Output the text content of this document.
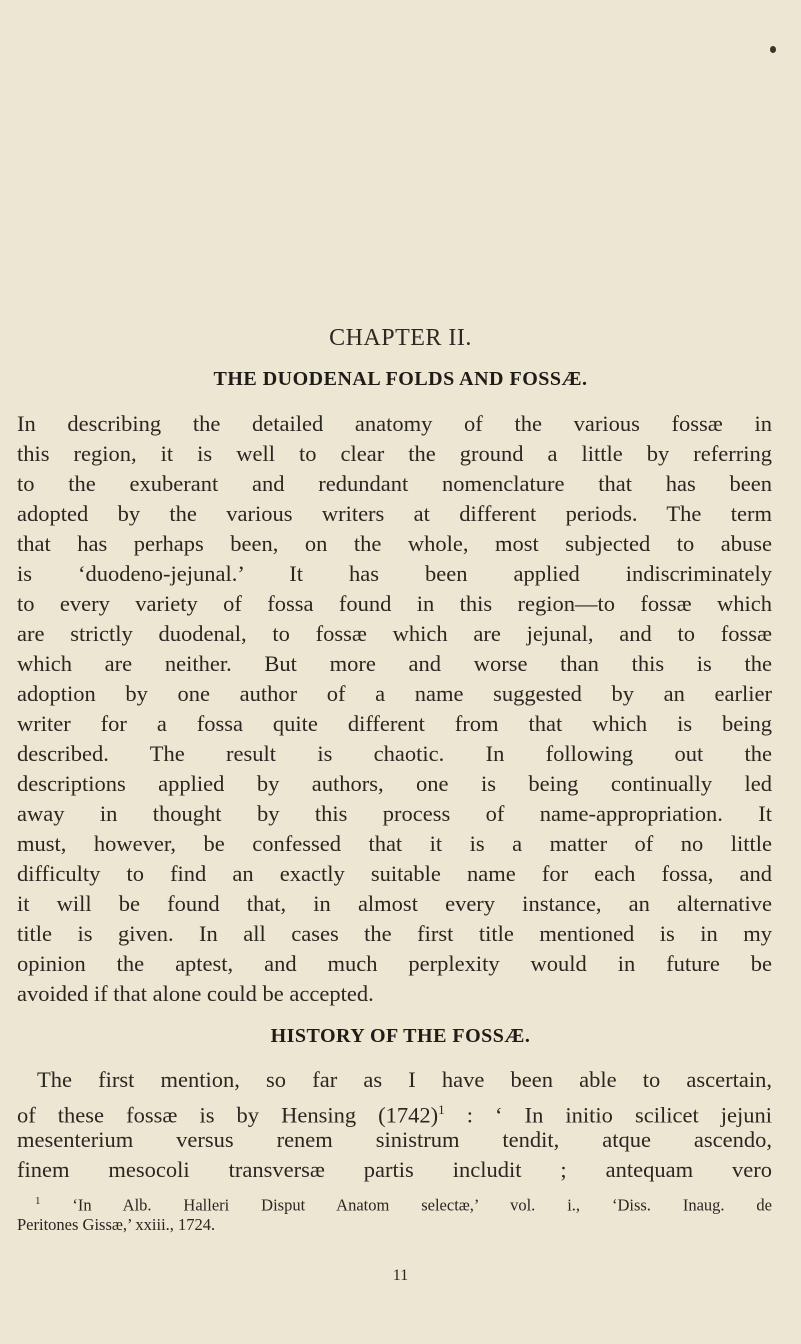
CHAPTER II.
THE DUODENAL FOLDS AND FOSSÆ.
In describing the detailed anatomy of the various fossæ in
this region, it is well to clear the ground a little by referring
to the exuberant and redundant nomenclature that has been
adopted by the various writers at different periods. The term
that has perhaps been, on the whole, most subjected to abuse
is ‘duodeno-jejunal.’ It has been applied indiscriminately
to every variety of fossa found in this region—to fossæ which
are strictly duodenal, to fossæ which are jejunal, and to fossæ
which are neither. But more and worse than this is the
adoption by one author of a name suggested by an earlier
writer for a fossa quite different from that which is being
described. The result is chaotic. In following out the
descriptions applied by authors, one is being continually led
away in thought by this process of name-appropriation. It
must, however, be confessed that it is a matter of no little
difficulty to find an exactly suitable name for each fossa, and
it will be found that, in almost every instance, an alternative
title is given. In all cases the first title mentioned is in my
opinion the aptest, and much perplexity would in future be
avoided if that alone could be accepted.
HISTORY OF THE FOSSÆ.
The first mention, so far as I have been able to ascertain,
of these fossæ is by Hensing $(1742)^1$ : ‘ In initio scilicet jejuni
mesenterium versus renem sinistrum tendit, atque ascendo,
finem mesocoli transversæ partis includit ; antequam vero
$^1$ ‘In Alb. Halleri Disput Anatom selectæ,’ vol. i., ‘Diss. Inaug. de
Peritones Gissæ,’ xxiii., 1724.
11
